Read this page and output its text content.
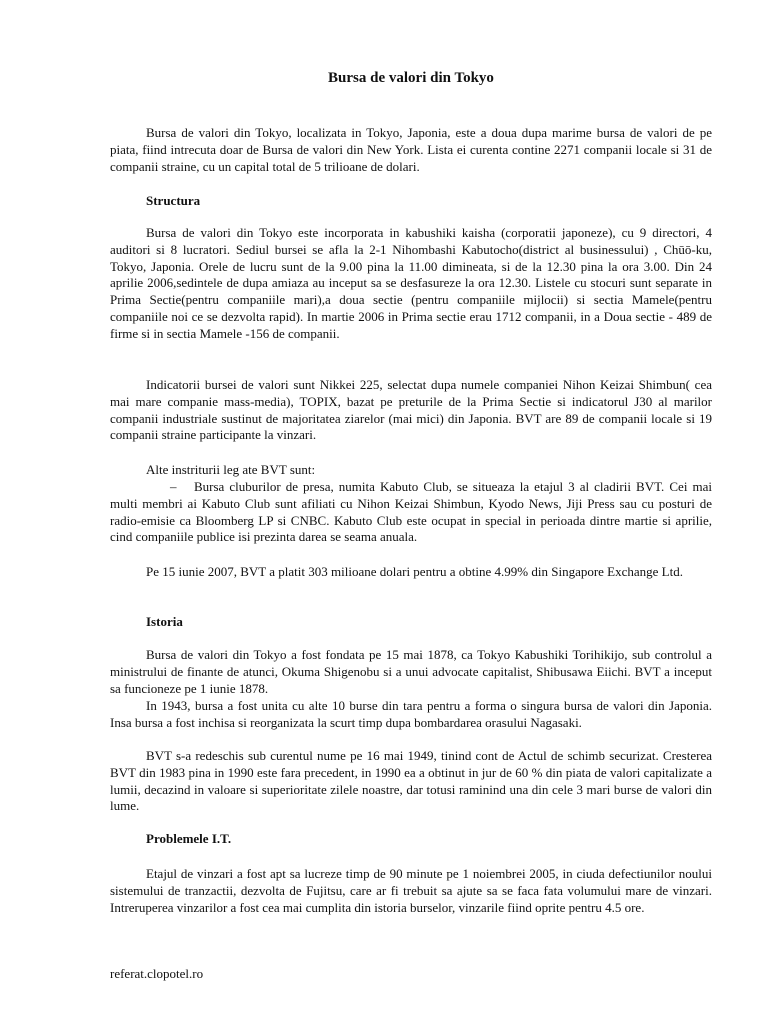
Bursa de valori din Tokyo

Bursa de valori din Tokyo, localizata in Tokyo, Japonia, este a doua dupa marime bursa de valori de pe piata, fiind intrecuta doar de Bursa de valori din New York. Lista ei curenta contine 2271 companii locale si 31 de companii straine, cu un capital total de 5 trilioane de dolari.

Structura

Bursa de valori din Tokyo este incorporata in kabushiki kaisha (corporatii japoneze), cu 9 directori, 4 auditori si 8 lucratori. Sediul bursei se afla la 2-1 Nihombashi Kabutocho(district al businessului) , Chūō-ku, Tokyo, Japonia. Orele de lucru sunt de la 9.00 pina la 11.00 dimineata, si de la 12.30 pina la ora 3.00. Din 24 aprilie 2006,sedintele de dupa amiaza au inceput sa se desfasureze la ora 12.30. Listele cu stocuri sunt separate in Prima Sectie(pentru companiile mari),a doua sectie (pentru companiile mijlocii) si sectia Mamele(pentru companiile noi ce se dezvolta rapid). In martie 2006 in Prima sectie erau 1712 companii, in a Doua sectie - 489 de firme si in sectia Mamele -156 de companii.

Indicatorii bursei de valori sunt Nikkei 225, selectat dupa numele companiei Nihon Keizai Shimbun( cea mai mare companie mass-media), TOPIX, bazat pe preturile de la Prima Sectie si indicatorul J30 al marilor companii industriale sustinut de majoritatea ziarelor (mai mici) din Japonia. BVT are 89 de companii locale si 19 companii straine participante la vinzari.

Alte instriturii leg ate BVT sunt:

– Bursa cluburilor de presa, numita Kabuto Club, se situeaza la etajul 3 al cladirii BVT. Cei mai multi membri ai Kabuto Club sunt afiliati cu Nihon Keizai Shimbun, Kyodo News, Jiji Press sau cu posturi de radio-emisie ca Bloomberg LP si CNBC. Kabuto Club este ocupat in special in perioada dintre martie si aprilie, cind companiile publice isi prezinta darea se seama anuala.

Pe 15 iunie 2007, BVT a platit 303 milioane dolari pentru a obtine 4.99% din Singapore Exchange Ltd.

Istoria

Bursa de valori din Tokyo a fost fondata pe 15 mai 1878, ca Tokyo Kabushiki Torihikijo, sub controlul a ministrului de finante de atunci, Okuma Shigenobu si a unui advocate capitalist, Shibusawa Eiichi. BVT a inceput sa funcioneze pe 1 iunie 1878.

In 1943, bursa a fost unita cu alte 10 burse din tara pentru a forma o singura bursa de valori din Japonia. Insa bursa a fost inchisa si reorganizata la scurt timp dupa bombardarea orasului Nagasaki.

BVT s-a redeschis sub curentul nume pe 16 mai 1949, tinind cont de Actul de schimb securizat. Cresterea BVT din 1983 pina in 1990 este fara precedent, in 1990 ea a obtinut in jur de 60 % din piata de valori capitalizate a lumii, decazind in valoare si superioritate zilele noastre, dar totusi raminind una din cele 3 mari burse de valori din lume.

Problemele I.T.

Etajul de vinzari a fost apt sa lucreze timp de 90 minute pe 1 noiembrei 2005, in ciuda defectiunilor noului sistemului de tranzactii, dezvolta de Fujitsu, care ar fi trebuit sa ajute sa se faca fata volumului mare de vinzari. Intreruperea vinzarilor a fost cea mai cumplita din istoria burselor, vinzarile fiind oprite pentru 4.5 ore.

referat.clopotel.ro
